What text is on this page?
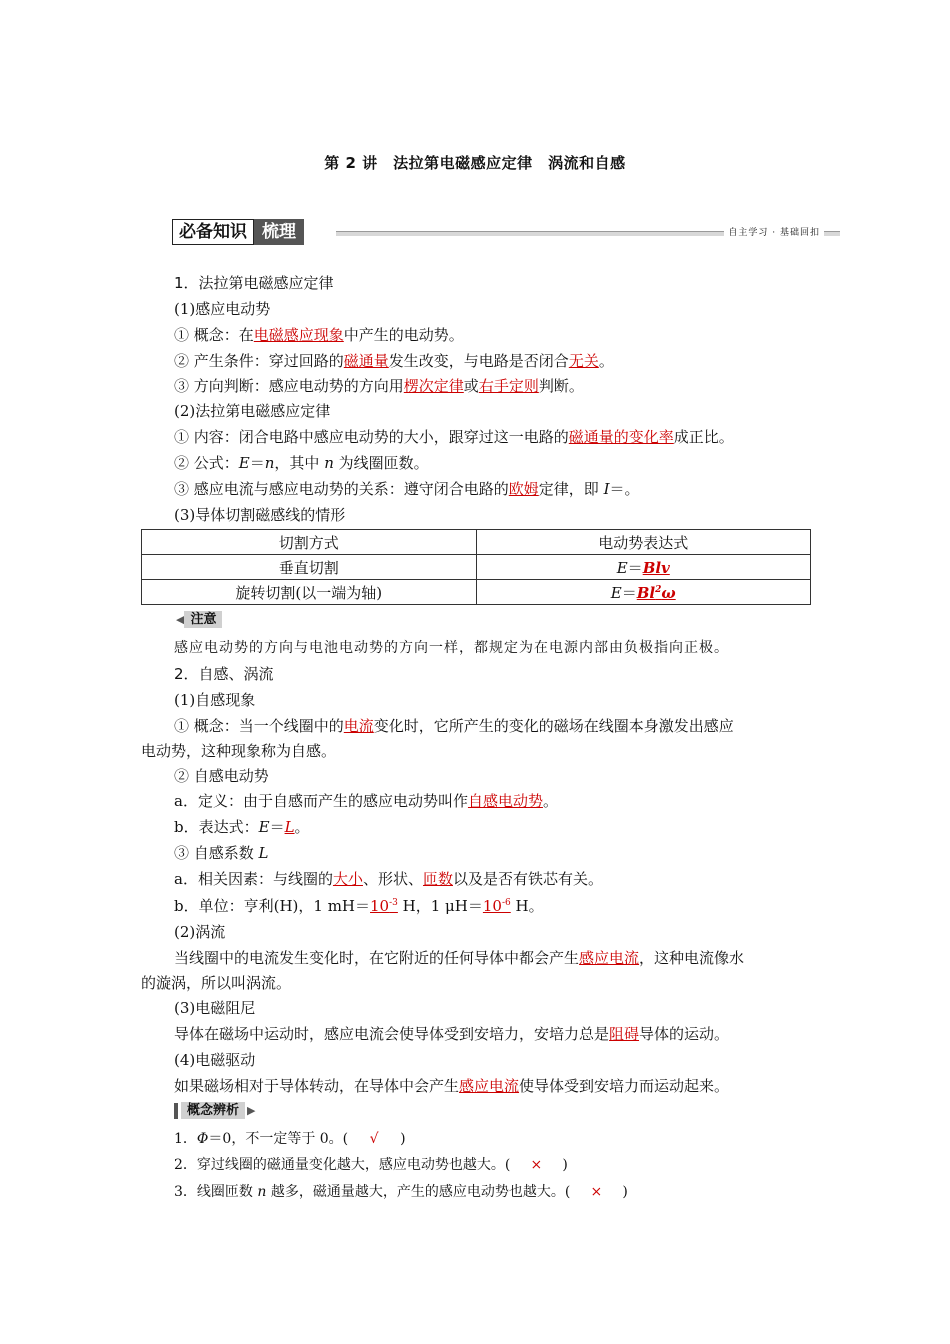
第 2 讲　法拉第电磁感应定律　涡流和自感
必备知识 梳理	自主学习 · 基础回扣
1．法拉第电磁感应定律
(1)感应电动势
① 概念：在电磁感应现象中产生的电动势。
② 产生条件：穿过回路的磁通量发生改变，与电路是否闭合无关。
③ 方向判断：感应电动势的方向用楞次定律或右手定则判断。
(2)法拉第电磁感应定律
① 内容：闭合电路中感应电动势的大小，跟穿过这一电路的磁通量的变化率成正比。
② 公式：E＝n，其中 n 为线圈匝数。
③ 感应电流与感应电动势的关系：遵守闭合电路的欧姆定律，即 I＝。
(3)导体切割磁感线的情形
切割方式	电动势表达式
垂直切割	E＝Blv
旋转切割(以一端为轴)	$E=Bl^2\omega$
◀ 注意
感应电动势的方向与电池电动势的方向一样，都规定为在电源内部由负极指向正极。
2．自感、涡流
(1)自感现象
① 概念：当一个线圈中的电流变化时，它所产生的变化的磁场在线圈本身激发出感应
电动势，这种现象称为自感。
② 自感电动势
a．定义：由于自感而产生的感应电动势叫作自感电动势。
b．表达式：E＝L。
③ 自感系数 L
a．相关因素：与线圈的大小、形状、匝数以及是否有铁芯有关。
b．单位：亨利(H)，1 $mH=10^{-3}$ H，1 $\mu H=10^{-6}$ H。
(2)涡流
当线圈中的电流发生变化时，在它附近的任何导体中都会产生感应电流，这种电流像水
的漩涡，所以叫涡流。
(3)电磁阻尼
导体在磁场中运动时，感应电流会使导体受到安培力，安培力总是阻碍导体的运动。
(4)电磁驱动
如果磁场相对于导体转动，在导体中会产生感应电流使导体受到安培力而运动起来。
概念辨析 ▶
1．Φ＝0，不一定等于 0。( √ )
2．穿过线圈的磁通量变化越大，感应电动势也越大。( × )
3．线圈匝数 n 越多，磁通量越大，产生的感应电动势也越大。( × )
